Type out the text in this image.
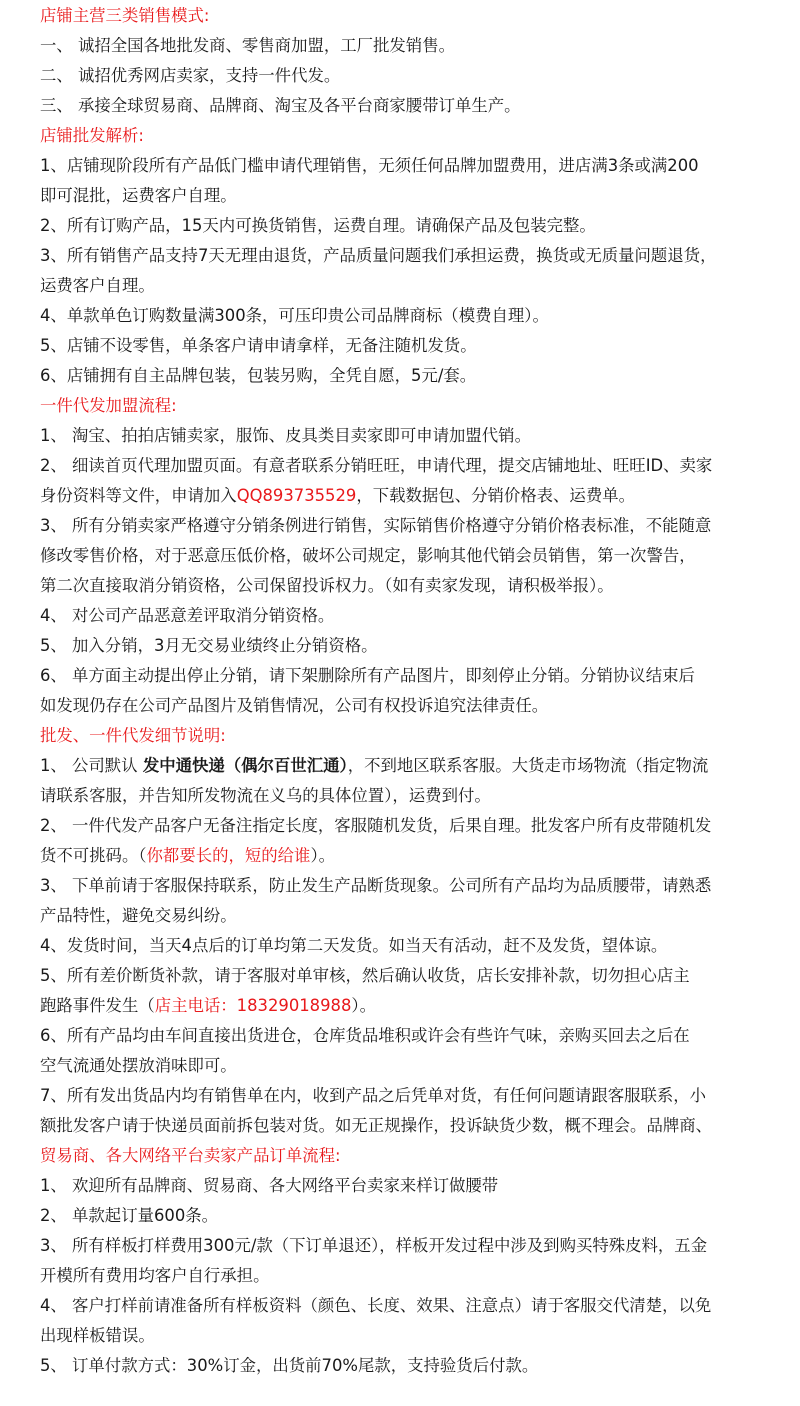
店铺主营三类销售模式:
一、 诚招全国各地批发商、零售商加盟，工厂批发销售。
二、 诚招优秀网店卖家，支持一件代发。
三、 承接全球贸易商、品牌商、淘宝及各平台商家腰带订单生产。
店铺批发解析:
1、店铺现阶段所有产品低门槛申请代理销售，无须任何品牌加盟费用，进店满3条或满200
即可混批，运费客户自理。
2、所有订购产品，15天内可换货销售，运费自理。请确保产品及包装完整。
3、所有销售产品支持7天无理由退货，产品质量问题我们承担运费，换货或无质量问题退货，
运费客户自理。
4、单款单色订购数量满300条，可压印贵公司品牌商标（模费自理）。
5、店铺不设零售，单条客户请申请拿样，无备注随机发货。
6、店铺拥有自主品牌包装，包装另购，全凭自愿，5元/套。
一件代发加盟流程:
1、 淘宝、拍拍店铺卖家，服饰、皮具类目卖家即可申请加盟代销。
2、 细读首页代理加盟页面。有意者联系分销旺旺，申请代理，提交店铺地址、旺旺ID、卖家
身份资料等文件，申请加入QQ893735529，下载数据包、分销价格表、运费单。
3、 所有分销卖家严格遵守分销条例进行销售，实际销售价格遵守分销价格表标准，不能随意
修改零售价格，对于恶意压低价格，破坏公司规定，影响其他代销会员销售，第一次警告，
第二次直接取消分销资格，公司保留投诉权力。（如有卖家发现，请积极举报）。
4、 对公司产品恶意差评取消分销资格。
5、 加入分销，3月无交易业绩终止分销资格。
6、 单方面主动提出停止分销，请下架删除所有产品图片，即刻停止分销。分销协议结束后
如发现仍存在公司产品图片及销售情况，公司有权投诉追究法律责任。
批发、一件代发细节说明:
1、 公司默认 发中通快递（偶尔百世汇通），不到地区联系客服。大货走市场物流（指定物流
请联系客服，并告知所发物流在义乌的具体位置），运费到付。
2、 一件代发产品客户无备注指定长度，客服随机发货，后果自理。批发客户所有皮带随机发
货不可挑码。（你都要长的，短的给谁）。
3、 下单前请于客服保持联系，防止发生产品断货现象。公司所有产品均为品质腰带，请熟悉
产品特性，避免交易纠纷。
4、发货时间，当天4点后的订单均第二天发货。如当天有活动，赶不及发货，望体谅。
5、所有差价断货补款，请于客服对单审核，然后确认收货，店长安排补款，切勿担心店主
跑路事件发生（店主电话：18329018988）。
6、所有产品均由车间直接出货进仓，仓库货品堆积或许会有些许气味，亲购买回去之后在
空气流通处摆放消味即可。
7、所有发出货品内均有销售单在内，收到产品之后凭单对货，有任何问题请跟客服联系，小
额批发客户请于快递员面前拆包装对货。如无正规操作，投诉缺货少数，概不理会。品牌商、
贸易商、各大网络平台卖家产品订单流程:
1、 欢迎所有品牌商、贸易商、各大网络平台卖家来样订做腰带
2、 单款起订量600条。
3、 所有样板打样费用300元/款（下订单退还），样板开发过程中涉及到购买特殊皮料，五金
开模所有费用均客户自行承担。
4、 客户打样前请准备所有样板资料（颜色、长度、效果、注意点）请于客服交代清楚，以免
出现样板错误。
5、 订单付款方式：30%订金，出货前70%尾款，支持验货后付款。
